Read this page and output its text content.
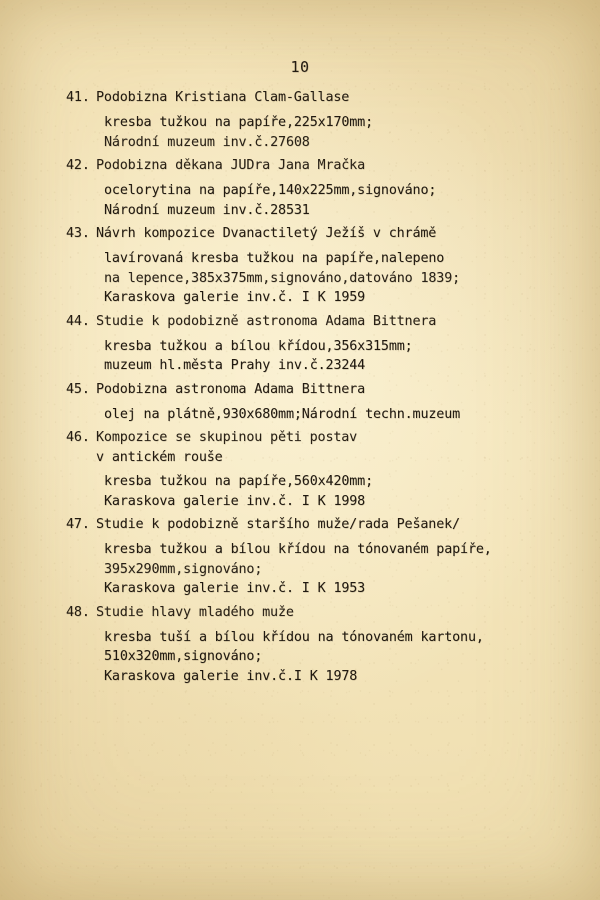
10
41. Podobizna Kristiana Clam-Gallase
kresba tužkou na papíře,225x170mm;
Národní muzeum inv.č.27608
42. Podobizna děkana JUDra Jana Mračka
ocelorytina na papíře,140x225mm,signováno;
Národní muzeum inv.č.28531
43. Návrh kompozice Dvanactiletý Ježíš v chrámě
lavírovaná kresba tužkou na papíře,nalepeno
na lepence,385x375mm,signováno,datováno 1839;
Karaskova galerie inv.č. I K 1959
44. Studie k podobizně astronoma Adama Bittnera
kresba tužkou a bílou křídou,356x315mm;
muzeum hl.města Prahy inv.č.23244
45. Podobizna astronoma Adama Bittnera
olej na plátně,930x680mm;Národní techn.muzeum
46. Kompozice se skupinou pěti postav
v antickém rouše
kresba tužkou na papíře,560x420mm;
Karaskova galerie inv.č. I K 1998
47. Studie k podobizně staršího muže/rada Pešanek/
kresba tužkou a bílou křídou na tónovaném papíře,
395x290mm,signováno;
Karaskova galerie inv.č. I K 1953
48. Studie hlavy mladého muže
kresba tuší a bílou křídou na tónovaném kartonu,
510x320mm,signováno;
Karaskova galerie inv.č.I K 1978
